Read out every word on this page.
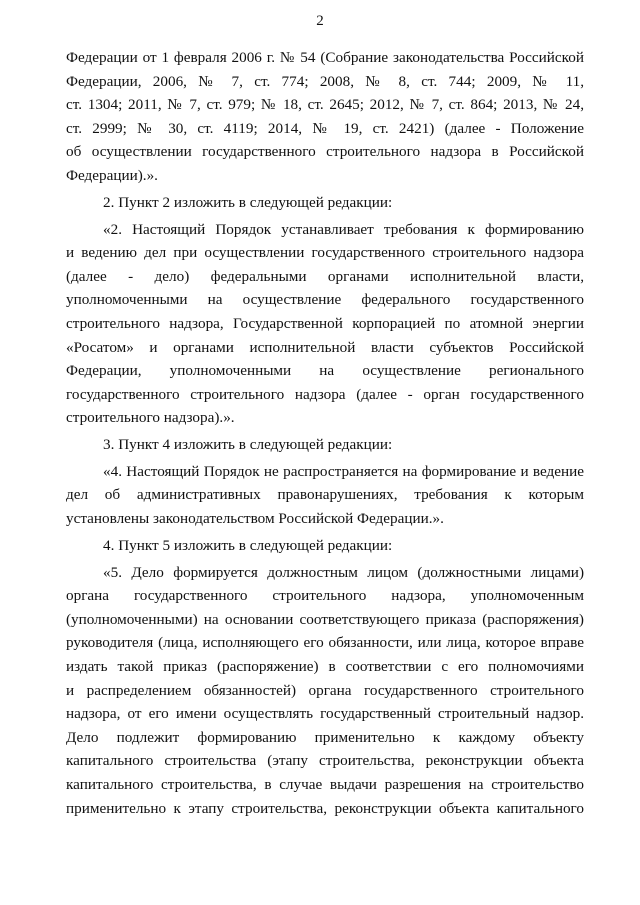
2
Федерации от 1 февраля 2006 г. № 54 (Собрание законодательства Российской
Федерации, 2006, № 7, ст. 774; 2008, № 8, ст. 744; 2009, № 11,
ст. 1304; 2011, № 7, ст. 979; № 18, ст. 2645; 2012, № 7, ст. 864; 2013, № 24,
ст. 2999; № 30, ст. 4119; 2014, № 19, ст. 2421) (далее - Положение
об осуществлении государственного строительного надзора в Российской
Федерации).».
2. Пункт 2 изложить в следующей редакции:
«2. Настоящий Порядок устанавливает требования к формированию
и ведению дел при осуществлении государственного строительного надзора
(далее - дело) федеральными органами исполнительной власти,
уполномоченными на осуществление федерального государственного
строительного надзора, Государственной корпорацией по атомной энергии
«Росатом» и органами исполнительной власти субъектов Российской
Федерации, уполномоченными на осуществление регионального
государственного строительного надзора (далее - орган государственного
строительного надзора).».
3. Пункт 4 изложить в следующей редакции:
«4. Настоящий Порядок не распространяется на формирование и ведение
дел об административных правонарушениях, требования к которым
установлены законодательством Российской Федерации.».
4. Пункт 5 изложить в следующей редакции:
«5. Дело формируется должностным лицом (должностными лицами)
органа государственного строительного надзора, уполномоченным
(уполномоченными) на основании соответствующего приказа (распоряжения)
руководителя (лица, исполняющего его обязанности, или лица, которое вправе
издать такой приказ (распоряжение) в соответствии с его полномочиями
и распределением обязанностей) органа государственного строительного
надзора, от его имени осуществлять государственный строительный надзор.
Дело подлежит формированию применительно к каждому объекту
капитального строительства (этапу строительства, реконструкции объекта
капитального строительства, в случае выдачи разрешения на строительство
применительно к этапу строительства, реконструкции объекта капитального
